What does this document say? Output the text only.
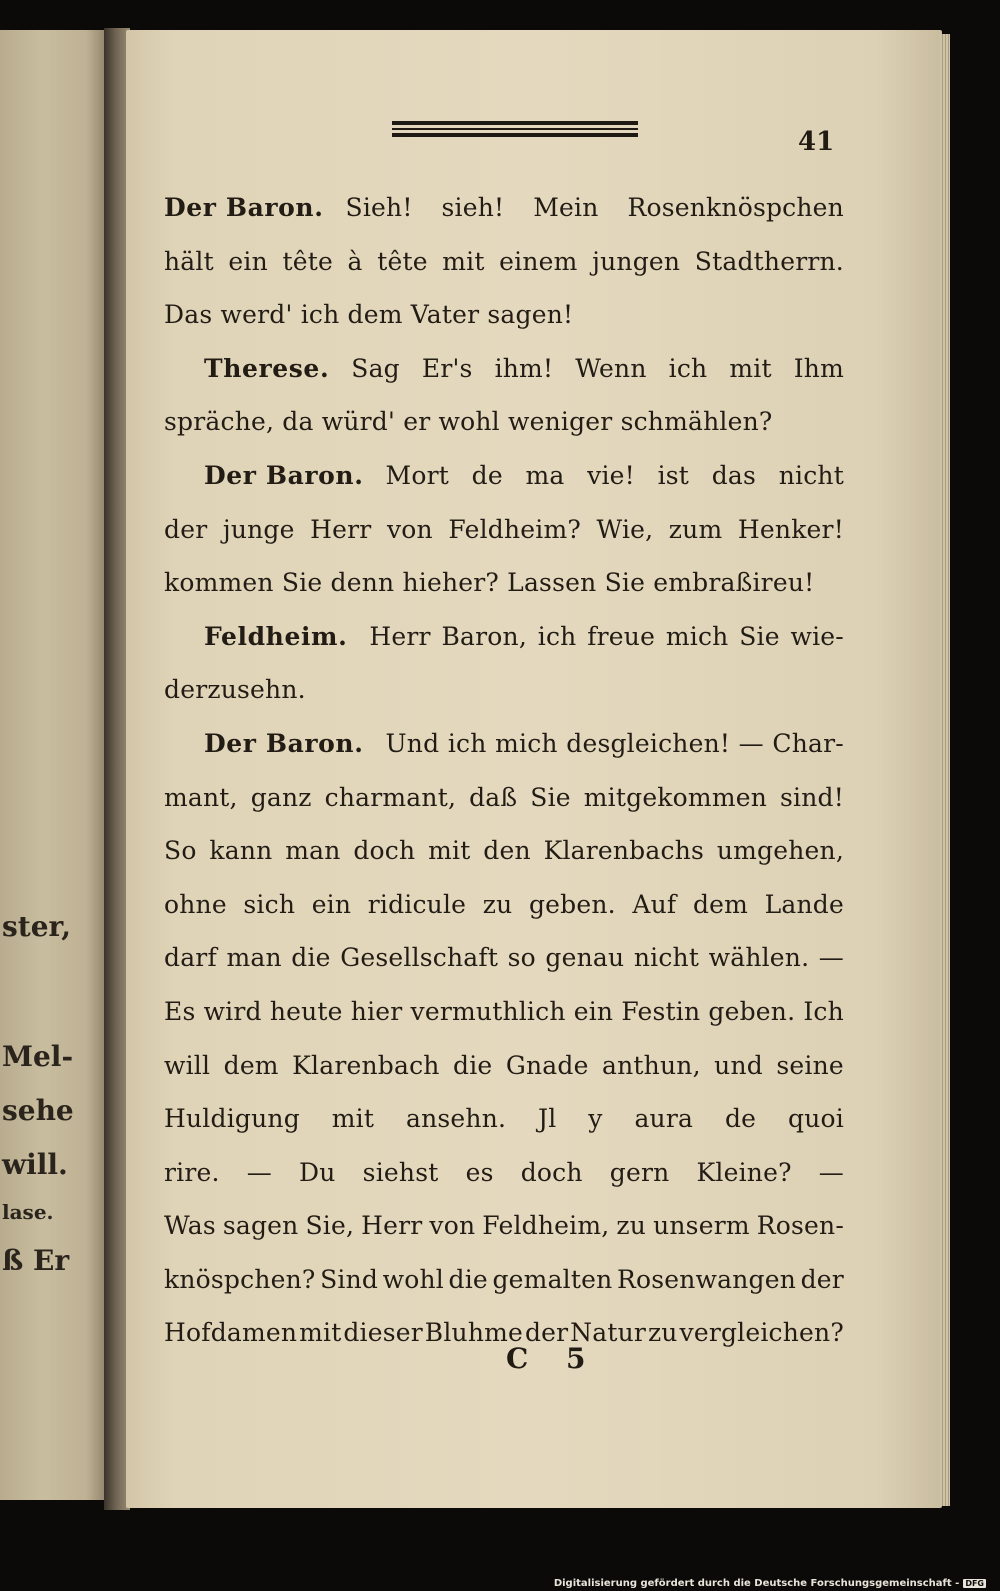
ster,
Mel-
sehe
will.
lase.
ß Er
41
Der Baron. Sieh! sieh! Mein Rosenknöspchen
hält ein tête à tête mit einem jungen Stadtherrn.
Das werd' ich dem Vater sagen!
Therese. Sag Er's ihm! Wenn ich mit Ihm
spräche, da würd' er wohl weniger schmählen?
Der Baron. Mort de ma vie! ist das nicht
der junge Herr von Feldheim? Wie, zum Henker!
kommen Sie denn hieher? Lassen Sie embraßireu!
Feldheim. Herr Baron, ich freue mich Sie wie-
derzusehn.
Der Baron. Und ich mich desgleichen! — Char-
mant, ganz charmant, daß Sie mitgekommen sind!
So kann man doch mit den Klarenbachs umgehen,
ohne sich ein ridicule zu geben. Auf dem Lande
darf man die Gesellschaft so genau nicht wählen. —
Es wird heute hier vermuthlich ein Festin geben. Ich
will dem Klarenbach die Gnade anthun, und seine
Huldigung mit ansehn. Jl y aura de quoi
rire. — Du siehst es doch gern Kleine? —
Was sagen Sie, Herr von Feldheim, zu unserm Rosen-
knöspchen? Sind wohl die gemalten Rosenwangen der
Hofdamen mit dieser Bluhme der Natur zu vergleichen?
C 5
Digitalisierung gefördert durch die Deutsche Forschungsgemeinschaft - DFG
